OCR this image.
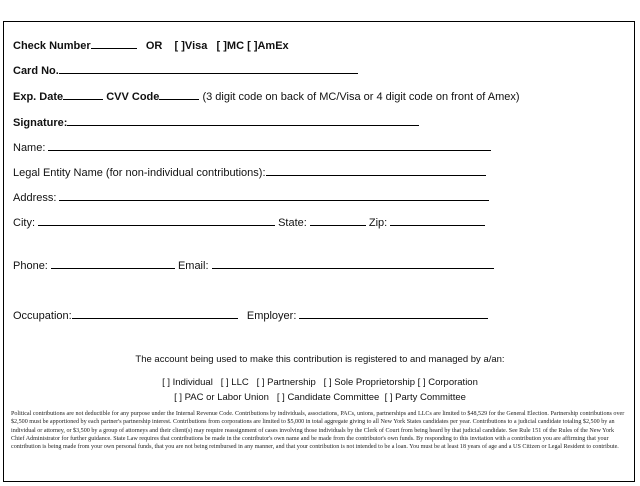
Check Number	OR [ ]Visa [ ]MC [ ]AmEx
Card No.
Exp. Date	CVV Code	(3 digit code on back of MC/Visa or 4 digit code on front of Amex)
Signature:
Name:
Legal Entity Name (for non-individual contributions):
Address:
City:	State:	Zip:
Phone:	Email:
Occupation:	Employer:
The account being used to make this contribution is registered to and managed by a/an:
[ ] Individual   [ ] LLC   [ ] Partnership   [ ] Sole Proprietorship [ ] Corporation
[ ] PAC or Labor Union   [ ] Candidate Committee  [ ] Party Committee
Political contributions are not deductible for any purpose under the Internal Revenue Code. Contributions by individuals, associations, PACs, unions, partnerships and LLCs are limited to $48,529 for the General Election. Partnership contributions over $2,500 must be apportioned by each partner's partnership interest. Contributions from corporations are limited to $5,000 in total aggregate giving to all New York States candidates per year. Contributions to a judicial candidate totaling $2,500 by an individual or attorney, or $3,500 by a group of attorneys and their client(s) may require reassignment of cases involving those individuals by the Clerk of Court from being heard by that judicial candidate. See Rule 151 of the Rules of the New York Chief Administrator for further guidance. State Law requires that contributions be made in the contributor's own name and be made from the contributor's own funds. By responding to this invitation with a contribution you are affirming that your contribution is being made from your own personal funds, that you are not being reimbursed in any manner, and that your contribution is not intended to be a loan. You must be at least 18 years of age and a US Citizen or Legal Resident to contribute.
